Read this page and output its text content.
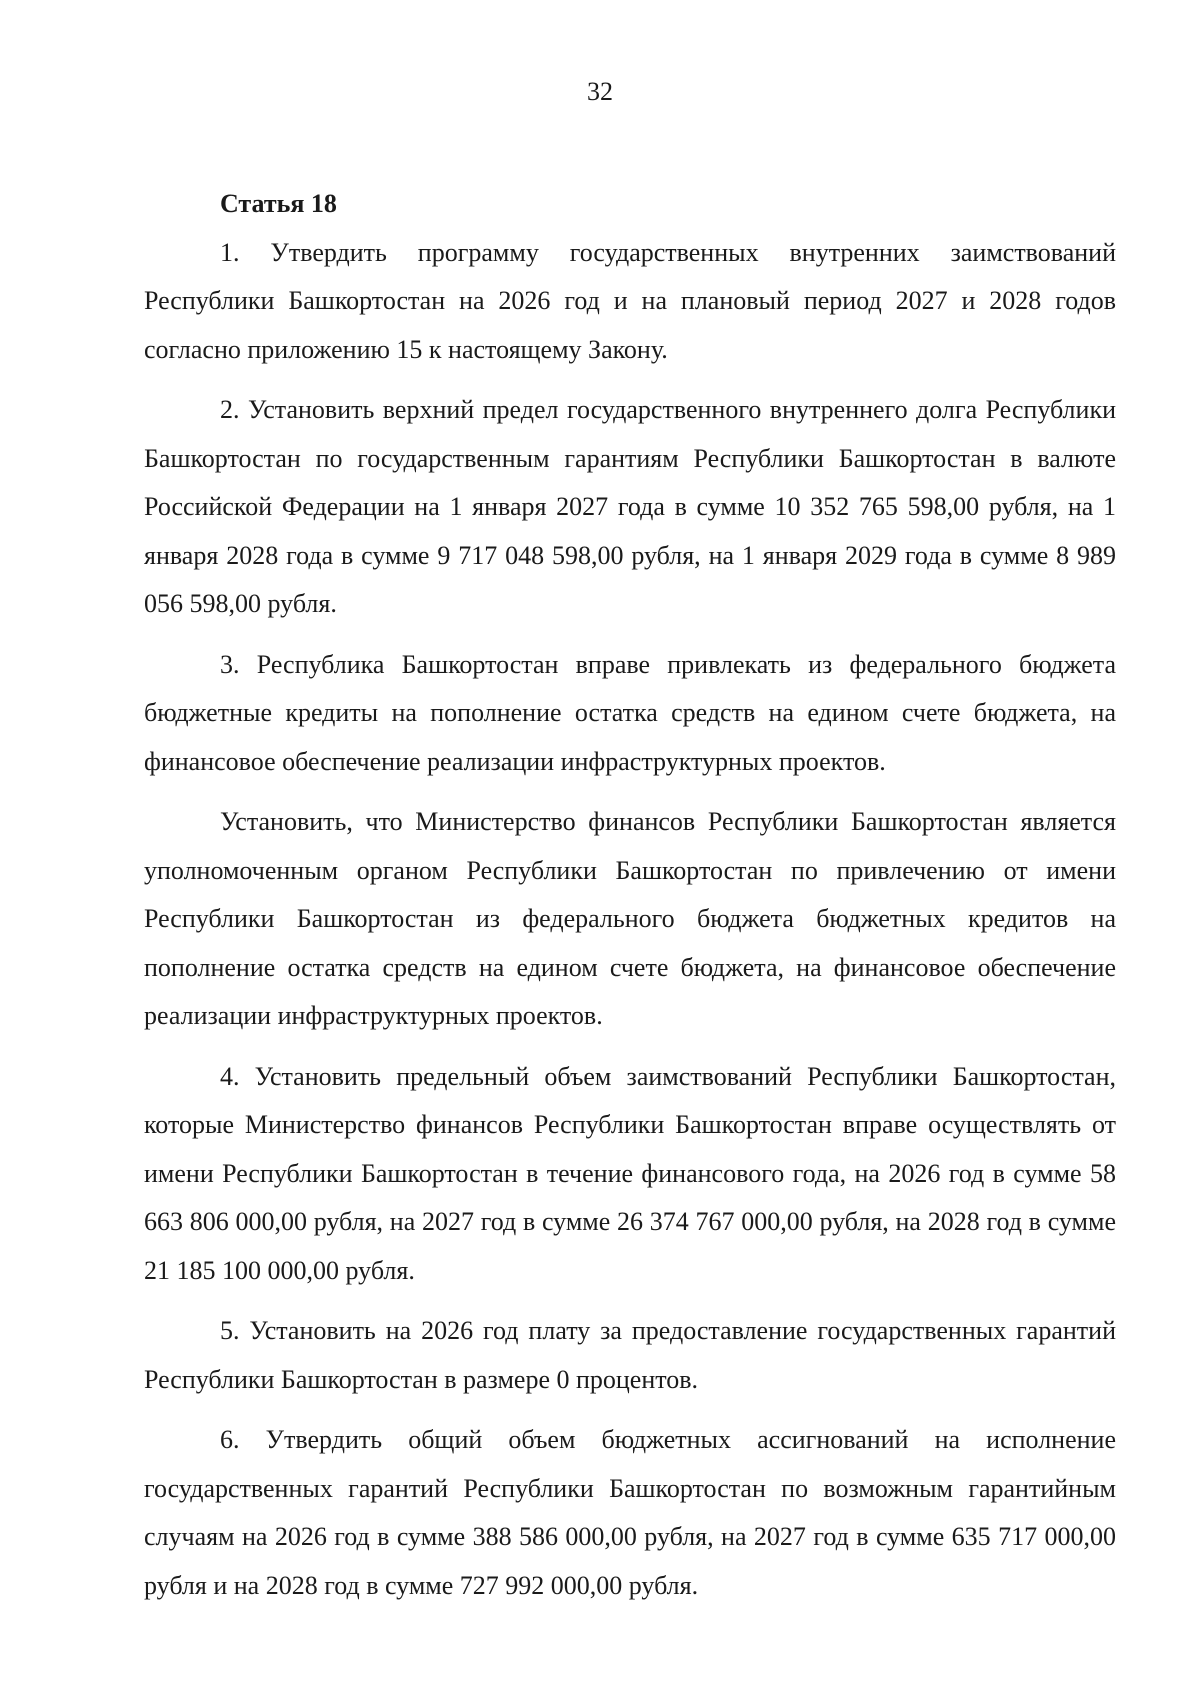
32
Статья 18

1. Утвердить программу государственных внутренних заимствований Республики Башкортостан на 2026 год и на плановый период 2027 и 2028 годов согласно приложению 15 к настоящему Закону.

2. Установить верхний предел государственного внутреннего долга Республики Башкортостан по государственным гарантиям Республики Башкортостан в валюте Российской Федерации на 1 января 2027 года в сумме 10 352 765 598,00 рубля, на 1 января 2028 года в сумме 9 717 048 598,00 рубля, на 1 января 2029 года в сумме 8 989 056 598,00 рубля.

3. Республика Башкортостан вправе привлекать из федерального бюджета бюджетные кредиты на пополнение остатка средств на едином счете бюджета, на финансовое обеспечение реализации инфраструктурных проектов.

Установить, что Министерство финансов Республики Башкортостан является уполномоченным органом Республики Башкортостан по привлечению от имени Республики Башкортостан из федерального бюджета бюджетных кредитов на пополнение остатка средств на едином счете бюджета, на финансовое обеспечение реализации инфраструктурных проектов.

4. Установить предельный объем заимствований Республики Башкортостан, которые Министерство финансов Республики Башкортостан вправе осуществлять от имени Республики Башкортостан в течение финансового года, на 2026 год в сумме 58 663 806 000,00 рубля, на 2027 год в сумме 26 374 767 000,00 рубля, на 2028 год в сумме 21 185 100 000,00 рубля.

5. Установить на 2026 год плату за предоставление государственных гарантий Республики Башкортостан в размере 0 процентов.

6. Утвердить общий объем бюджетных ассигнований на исполнение государственных гарантий Республики Башкортостан по возможным гарантийным случаям на 2026 год в сумме 388 586 000,00 рубля, на 2027 год в сумме 635 717 000,00 рубля и на 2028 год в сумме 727 992 000,00 рубля.
